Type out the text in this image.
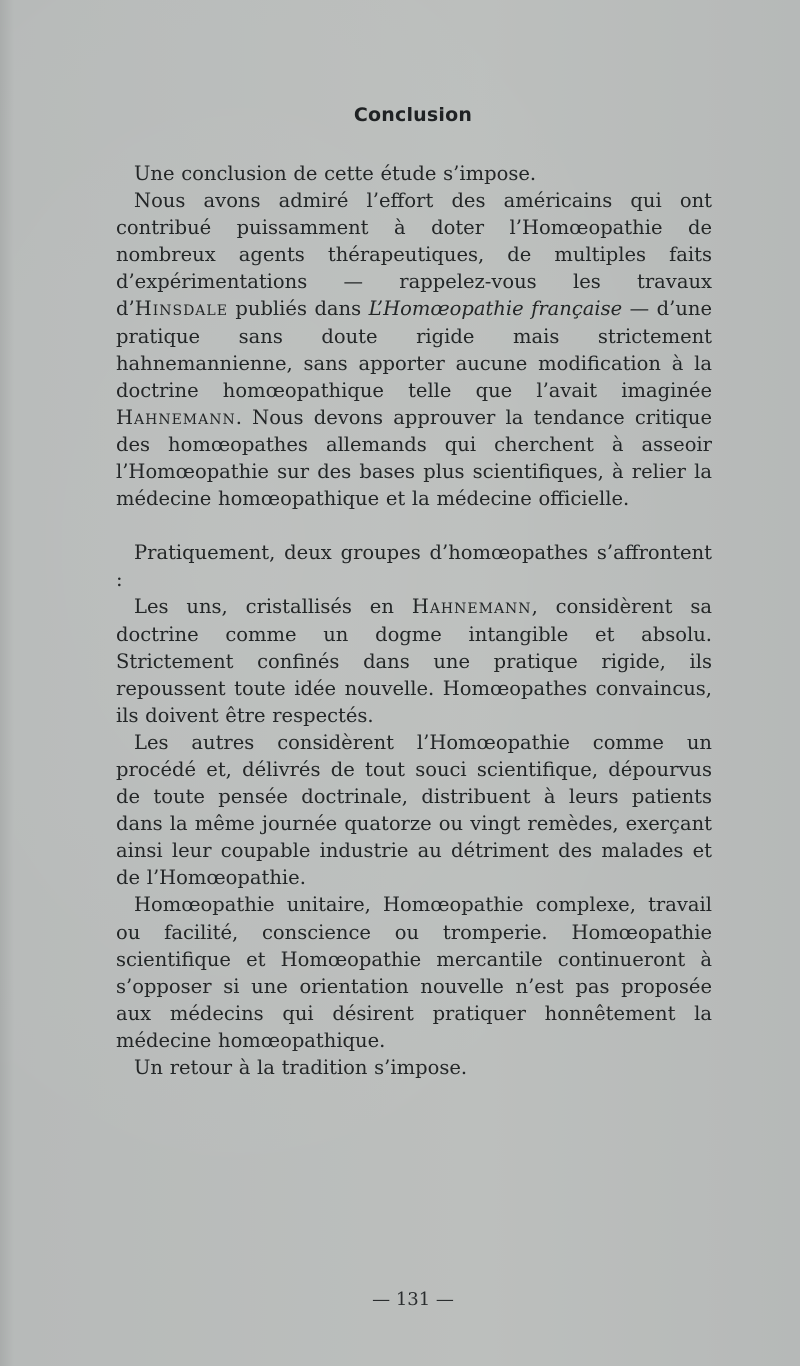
Conclusion

Une conclusion de cette étude s’impose.

Nous avons admiré l’effort des américains qui ont contribué puissamment à doter l’Homœopathie de nombreux agents thérapeutiques, de multiples faits d’expérimentations — rappelez-vous les travaux d’Hinsdale publiés dans L’Homœopathie française — d’une pratique sans doute rigide mais strictement hahnemannienne, sans apporter aucune modification à la doctrine homœopathique telle que l’avait imaginée Hahnemann. Nous devons approuver la tendance critique des homœopathes allemands qui cherchent à asseoir l’Homœopathie sur des bases plus scientifiques, à relier la médecine homœopathique et la médecine officielle.

Pratiquement, deux groupes d’homœopathes s’affrontent :

Les uns, cristallisés en Hahnemann, considèrent sa doctrine comme un dogme intangible et absolu. Strictement confinés dans une pratique rigide, ils repoussent toute idée nouvelle. Homœopathes convaincus, ils doivent être respectés.

Les autres considèrent l’Homœopathie comme un procédé et, délivrés de tout souci scientifique, dépourvus de toute pensée doctrinale, distribuent à leurs patients dans la même journée quatorze ou vingt remèdes, exerçant ainsi leur coupable industrie au détriment des malades et de l’Homœopathie.

Homœopathie unitaire, Homœopathie complexe, travail ou facilité, conscience ou tromperie. Homœopathie scientifique et Homœopathie mercantile continueront à s’opposer si une orientation nouvelle n’est pas proposée aux médecins qui désirent pratiquer honnêtement la médecine homœopathique.

Un retour à la tradition s’impose.

— 131 —
